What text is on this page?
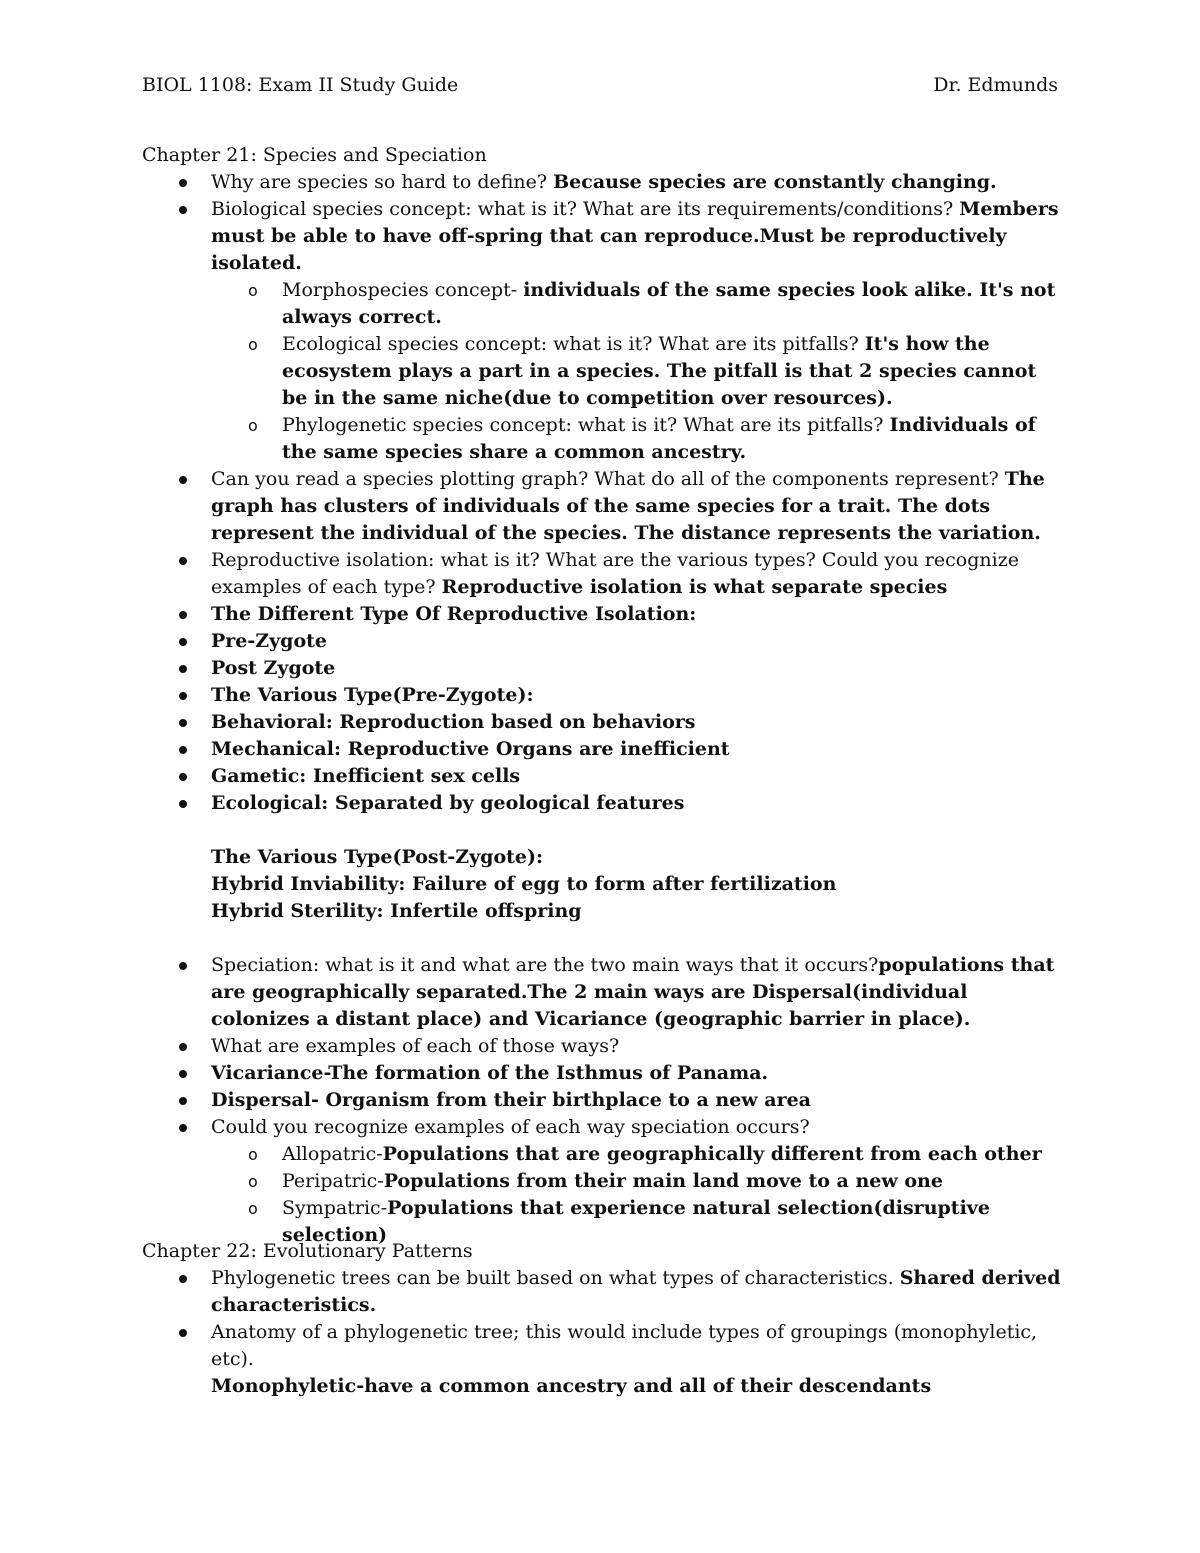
BIOL 1108: Exam II Study Guide	Dr. Edmunds

Chapter 21: Species and Speciation

Why are species so hard to define? Because species are constantly changing.
Biological species concept: what is it? What are its requirements/conditions? Members must be able to have off-spring that can reproduce.Must be reproductively isolated.
o Morphospecies concept- individuals of the same species look alike. It's not always correct.
o Ecological species concept: what is it? What are its pitfalls? It's how the ecosystem plays a part in a species. The pitfall is that 2 species cannot be in the same niche(due to competition over resources).
o Phylogenetic species concept: what is it? What are its pitfalls? Individuals of the same species share a common ancestry.
Can you read a species plotting graph? What do all of the components represent? The graph has clusters of individuals of the same species for a trait. The dots represent the individual of the species. The distance represents the variation.
Reproductive isolation: what is it? What are the various types? Could you recognize examples of each type? Reproductive isolation is what separate species
The Different Type Of Reproductive Isolation:
Pre-Zygote
Post Zygote
The Various Type(Pre-Zygote):
Behavioral: Reproduction based on behaviors
Mechanical: Reproductive Organs are inefficient
Gametic: Inefficient sex cells
Ecological: Separated by geological features
The Various Type(Post-Zygote):
Hybrid Inviability: Failure of egg to form after fertilization
Hybrid Sterility: Infertile offspring
Speciation: what is it and what are the two main ways that it occurs?populations that are geographically separated.The 2 main ways are Dispersal(individual colonizes a distant place) and Vicariance (geographic barrier in place).
What are examples of each of those ways?
Vicariance-The formation of the Isthmus of Panama.
Dispersal- Organism from their birthplace to a new area
Could you recognize examples of each way speciation occurs?
o Allopatric-Populations that are geographically different from each other
o Peripatric-Populations from their main land move to a new one
o Sympatric-Populations that experience natural selection(disruptive selection)

Chapter 22: Evolutionary Patterns

Phylogenetic trees can be built based on what types of characteristics. Shared derived characteristics.
Anatomy of a phylogenetic tree; this would include types of groupings (monophyletic, etc).
Monophyletic-have a common ancestry and all of their descendants
